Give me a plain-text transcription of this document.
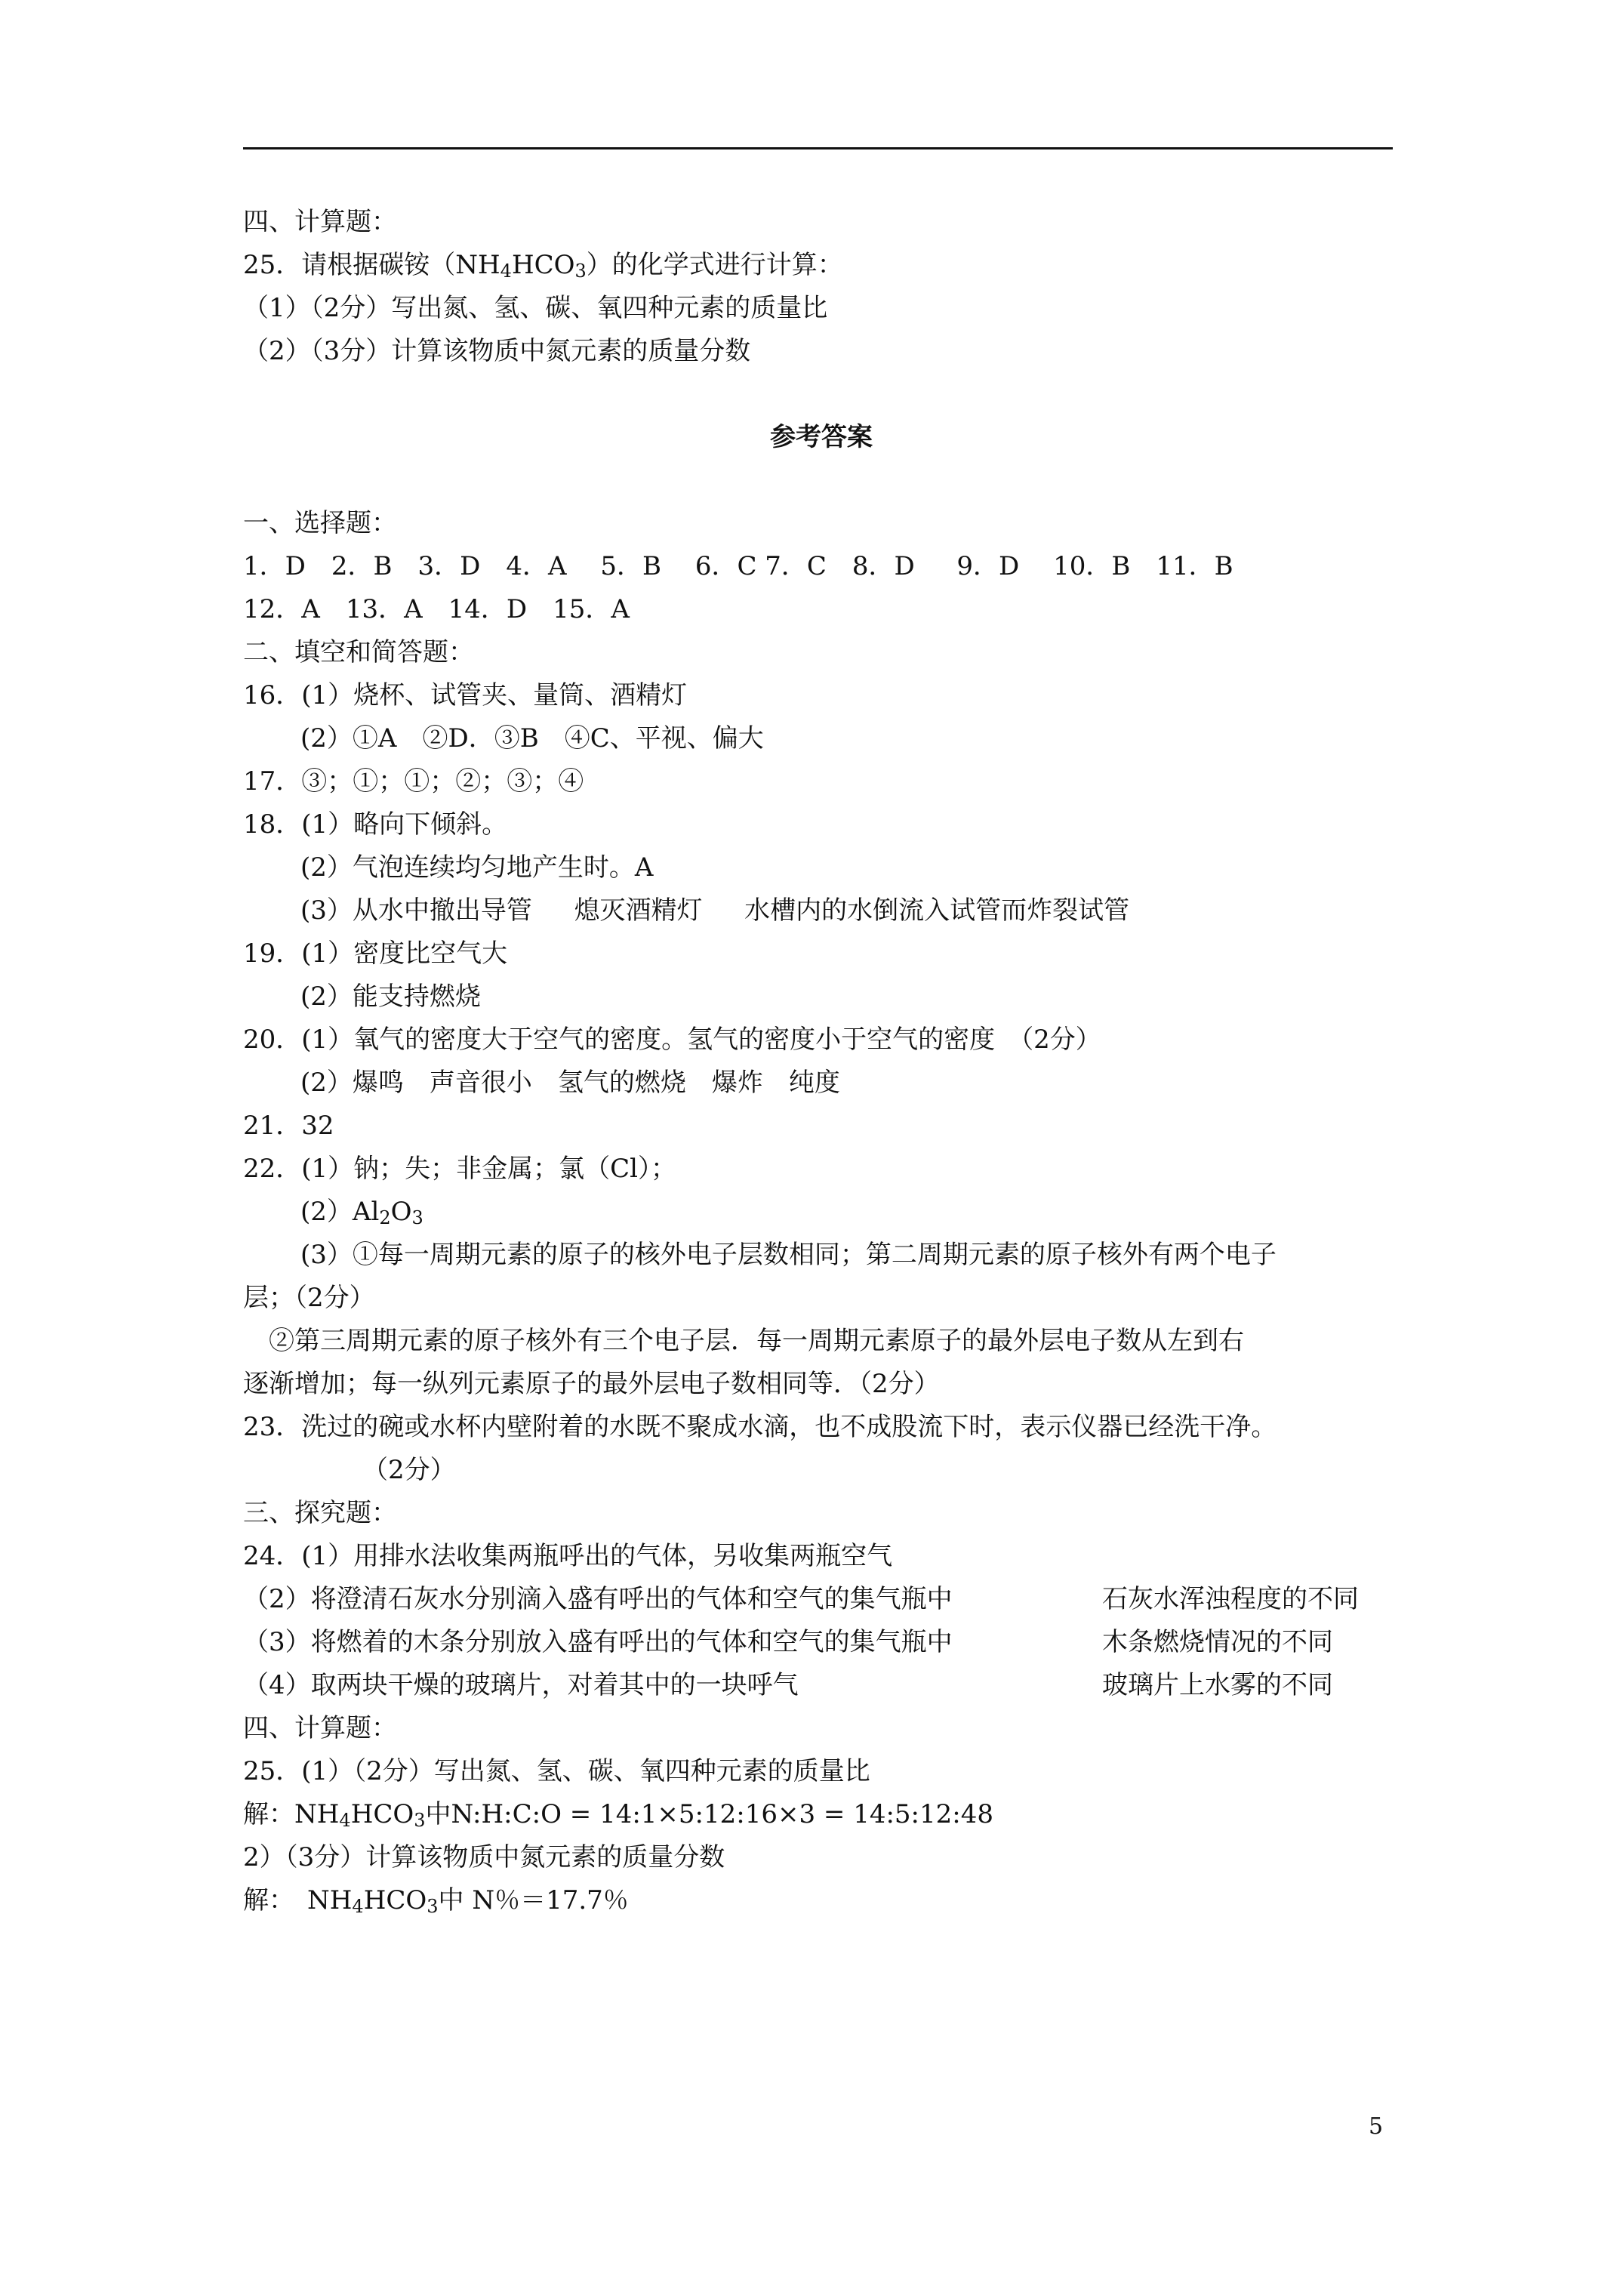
四、计算题：
25．请根据碳铵$(NH_4HCO_3)$的化学式进行计算：
（1）（2分）写出氮、氢、碳、氧四种元素的质量比
（2）（3分）计算该物质中氮元素的质量分数
参考答案
一、选择题：
1．D　2．B　3．D　4．A　 5．B　 6．C 7．C　8．D　  9．D　 10．B　11．B
12．A　13．A　14．D　15．A
二、填空和简答题：
16．(1）烧杯、试管夹、量筒、酒精灯
(2）①A　②D．③B　④C、平视、偏大
17．③；①；①；②；③；④
18．(1）略向下倾斜。
(2）气泡连续均匀地产生时。A
(3）从水中撤出导管　  熄灭酒精灯　  水槽内的水倒流入试管而炸裂试管
19．(1）密度比空气大
(2）能支持燃烧
20．(1）氧气的密度大于空气的密度。氢气的密度小于空气的密度　（2分）
(2）爆鸣　声音很小　氢气的燃烧　爆炸　纯度
21．32
22．(1）钠；失；非金属；氯（Cl）；
$(2)Al_2O_3$
(3）①每一周期元素的原子的核外电子层数相同；第二周期元素的原子核外有两个电子
层；（2分）
②第三周期元素的原子核外有三个电子层．每一周期元素原子的最外层电子数从左到右
逐渐增加；每一纵列元素原子的最外层电子数相同等．（2分）
23．洗过的碗或水杯内壁附着的水既不聚成水滴，也不成股流下时，表示仪器已经洗干净。
（2分）
三、探究题：
24．(1）用排水法收集两瓶呼出的气体，另收集两瓶空气
（2）将澄清石灰水分别滴入盛有呼出的气体和空气的集气瓶中	石灰水浑浊程度的不同
（3）将燃着的木条分别放入盛有呼出的气体和空气的集气瓶中	木条燃烧情况的不同
（4）取两块干燥的玻璃片，对着其中的一块呼气	玻璃片上水雾的不同
四、计算题：
25．(1）（2分）写出氮、氢、碳、氧四种元素的质量比
解：$NH_4HCO_3$中N:H:C:O = 14:1×5:12:16×3 = 14:5:12:48
2）（3分）计算该物质中氮元素的质量分数
解：　$NH_4HCO_3$中 N％＝17.7％
5
